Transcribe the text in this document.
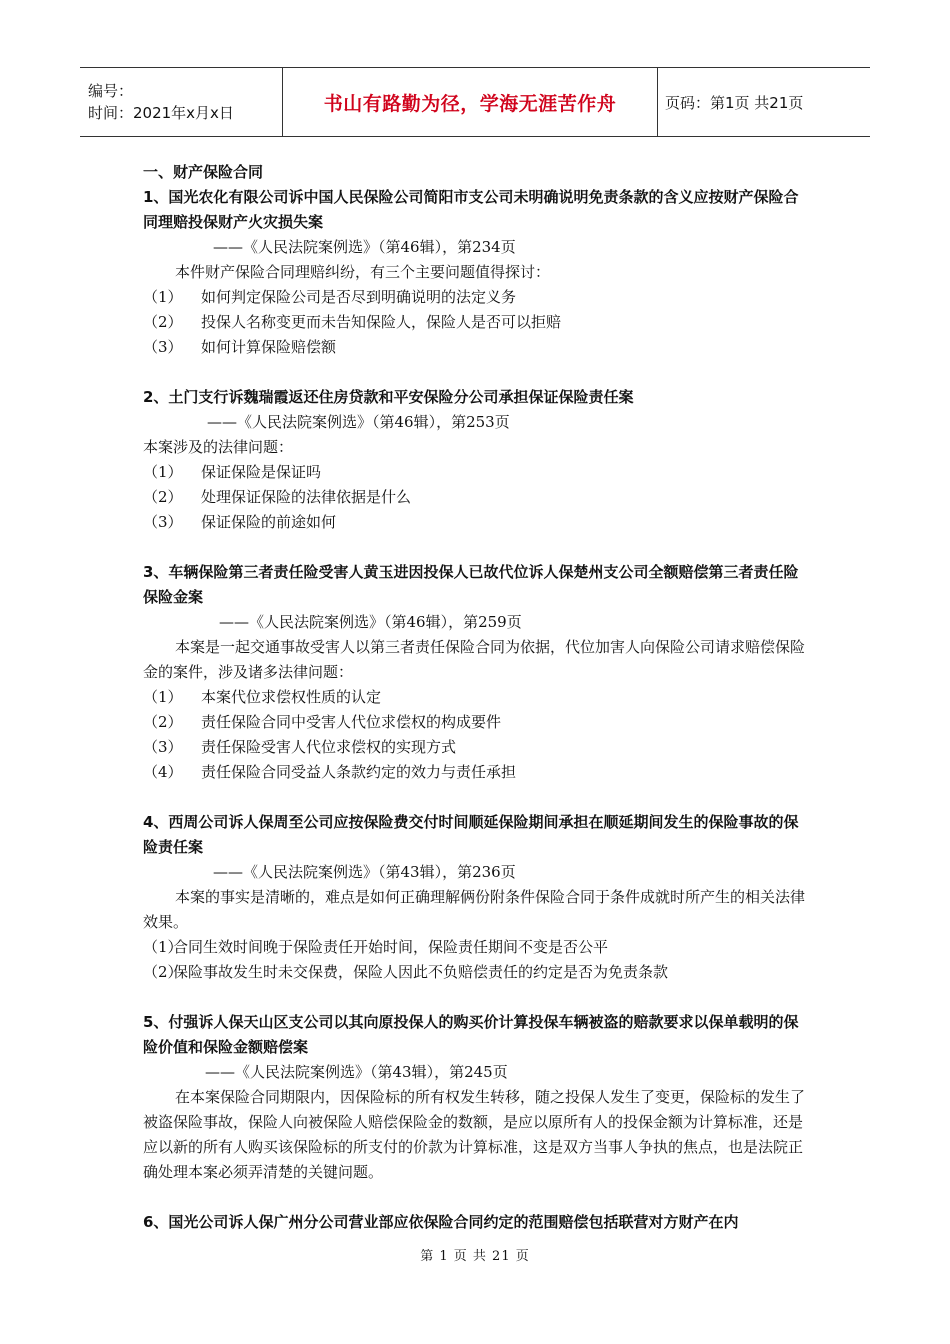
编号：
时间：2021年x月x日	书山有路勤为径，学海无涯苦作舟	页码：第1页 共21页

一、财产保险合同

1、国光农化有限公司诉中国人民保险公司简阳市支公司未明确说明免责条款的含义应按财产保险合同理赔投保财产火灾损失案

——《人民法院案例选》（第46辑），第234页

本件财产保险合同理赔纠纷，有三个主要问题值得探讨：

（1）	如何判定保险公司是否尽到明确说明的法定义务
（2）	投保人名称变更而未告知保险人，保险人是否可以拒赔
（3）	如何计算保险赔偿额

2、土门支行诉魏瑞霞返还住房贷款和平安保险分公司承担保证保险责任案

——《人民法院案例选》（第46辑），第253页

本案涉及的法律问题：

（1）	保证保险是保证吗
（2）	处理保证保险的法律依据是什么
（3）	保证保险的前途如何

3、车辆保险第三者责任险受害人黄玉进因投保人已故代位诉人保楚州支公司全额赔偿第三者责任险保险金案

——《人民法院案例选》（第46辑），第259页

本案是一起交通事故受害人以第三者责任保险合同为依据，代位加害人向保险公司请求赔偿保险金的案件，涉及诸多法律问题：

（1）	本案代位求偿权性质的认定
（2）	责任保险合同中受害人代位求偿权的构成要件
（3）	责任保险受害人代位求偿权的实现方式
（4）	责任保险合同受益人条款约定的效力与责任承担

4、西周公司诉人保周至公司应按保险费交付时间顺延保险期间承担在顺延期间发生的保险事故的保险责任案

——《人民法院案例选》（第43辑），第236页

本案的事实是清晰的，难点是如何正确理解俩份附条件保险合同于条件成就时所产生的相关法律效果。

（1）
合同生效时间晚于保险责任开始时间，保险责任期间不变是否公平
（2）
保险事故发生时未交保费，保险人因此不负赔偿责任的约定是否为免责条款

5、付强诉人保天山区支公司以其向原投保人的购买价计算投保车辆被盗的赔款要求以保单载明的保险价值和保险金额赔偿案

——《人民法院案例选》（第43辑），第245页

在本案保险合同期限内，因保险标的所有权发生转移，随之投保人发生了变更，保险标的发生了被盗保险事故，保险人向被保险人赔偿保险金的数额，是应以原所有人的投保金额为计算标准，还是应以新的所有人购买该保险标的所支付的价款为计算标准，这是双方当事人争执的焦点，也是法院正确处理本案必须弄清楚的关键问题。

6、国光公司诉人保广州分公司营业部应依保险合同约定的范围赔偿包括联营对方财产在内

第 1 页 共 21 页
